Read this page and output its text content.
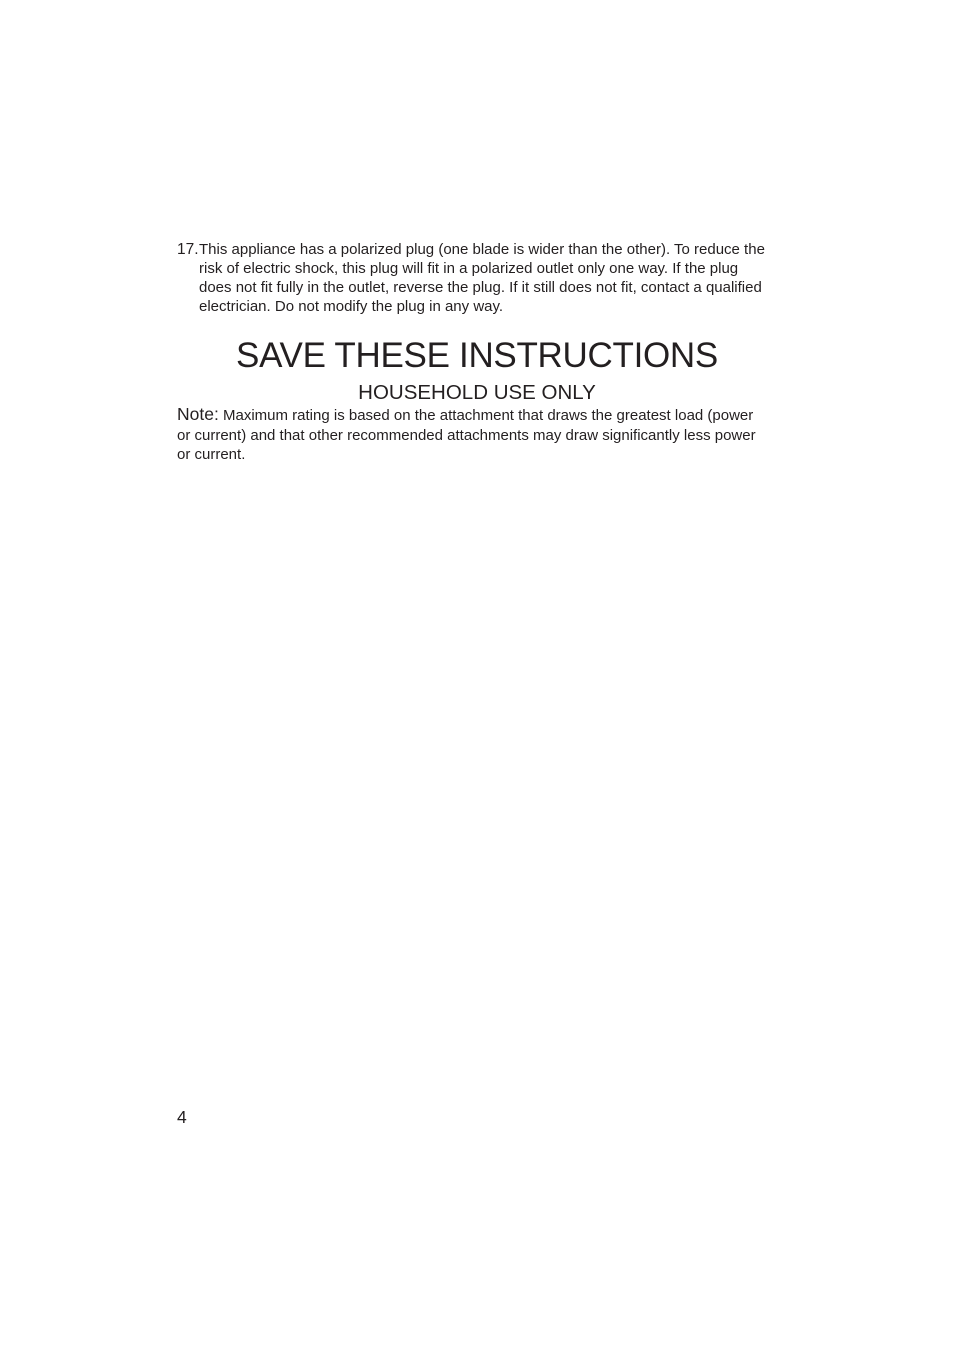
17. This appliance has a polarized plug (one blade is wider than the other). To reduce the risk of electric shock, this plug will fit in a polarized outlet only one way. If the plug does not fit fully in the outlet, reverse the plug. If it still does not fit, contact a qualified electrician. Do not modify the plug in any way.
SAVE THESE INSTRUCTIONS
HOUSEHOLD USE ONLY
Note: Maximum rating is based on the attachment that draws the greatest load (power or current) and that other recommended attachments may draw significantly less power or current.
4
